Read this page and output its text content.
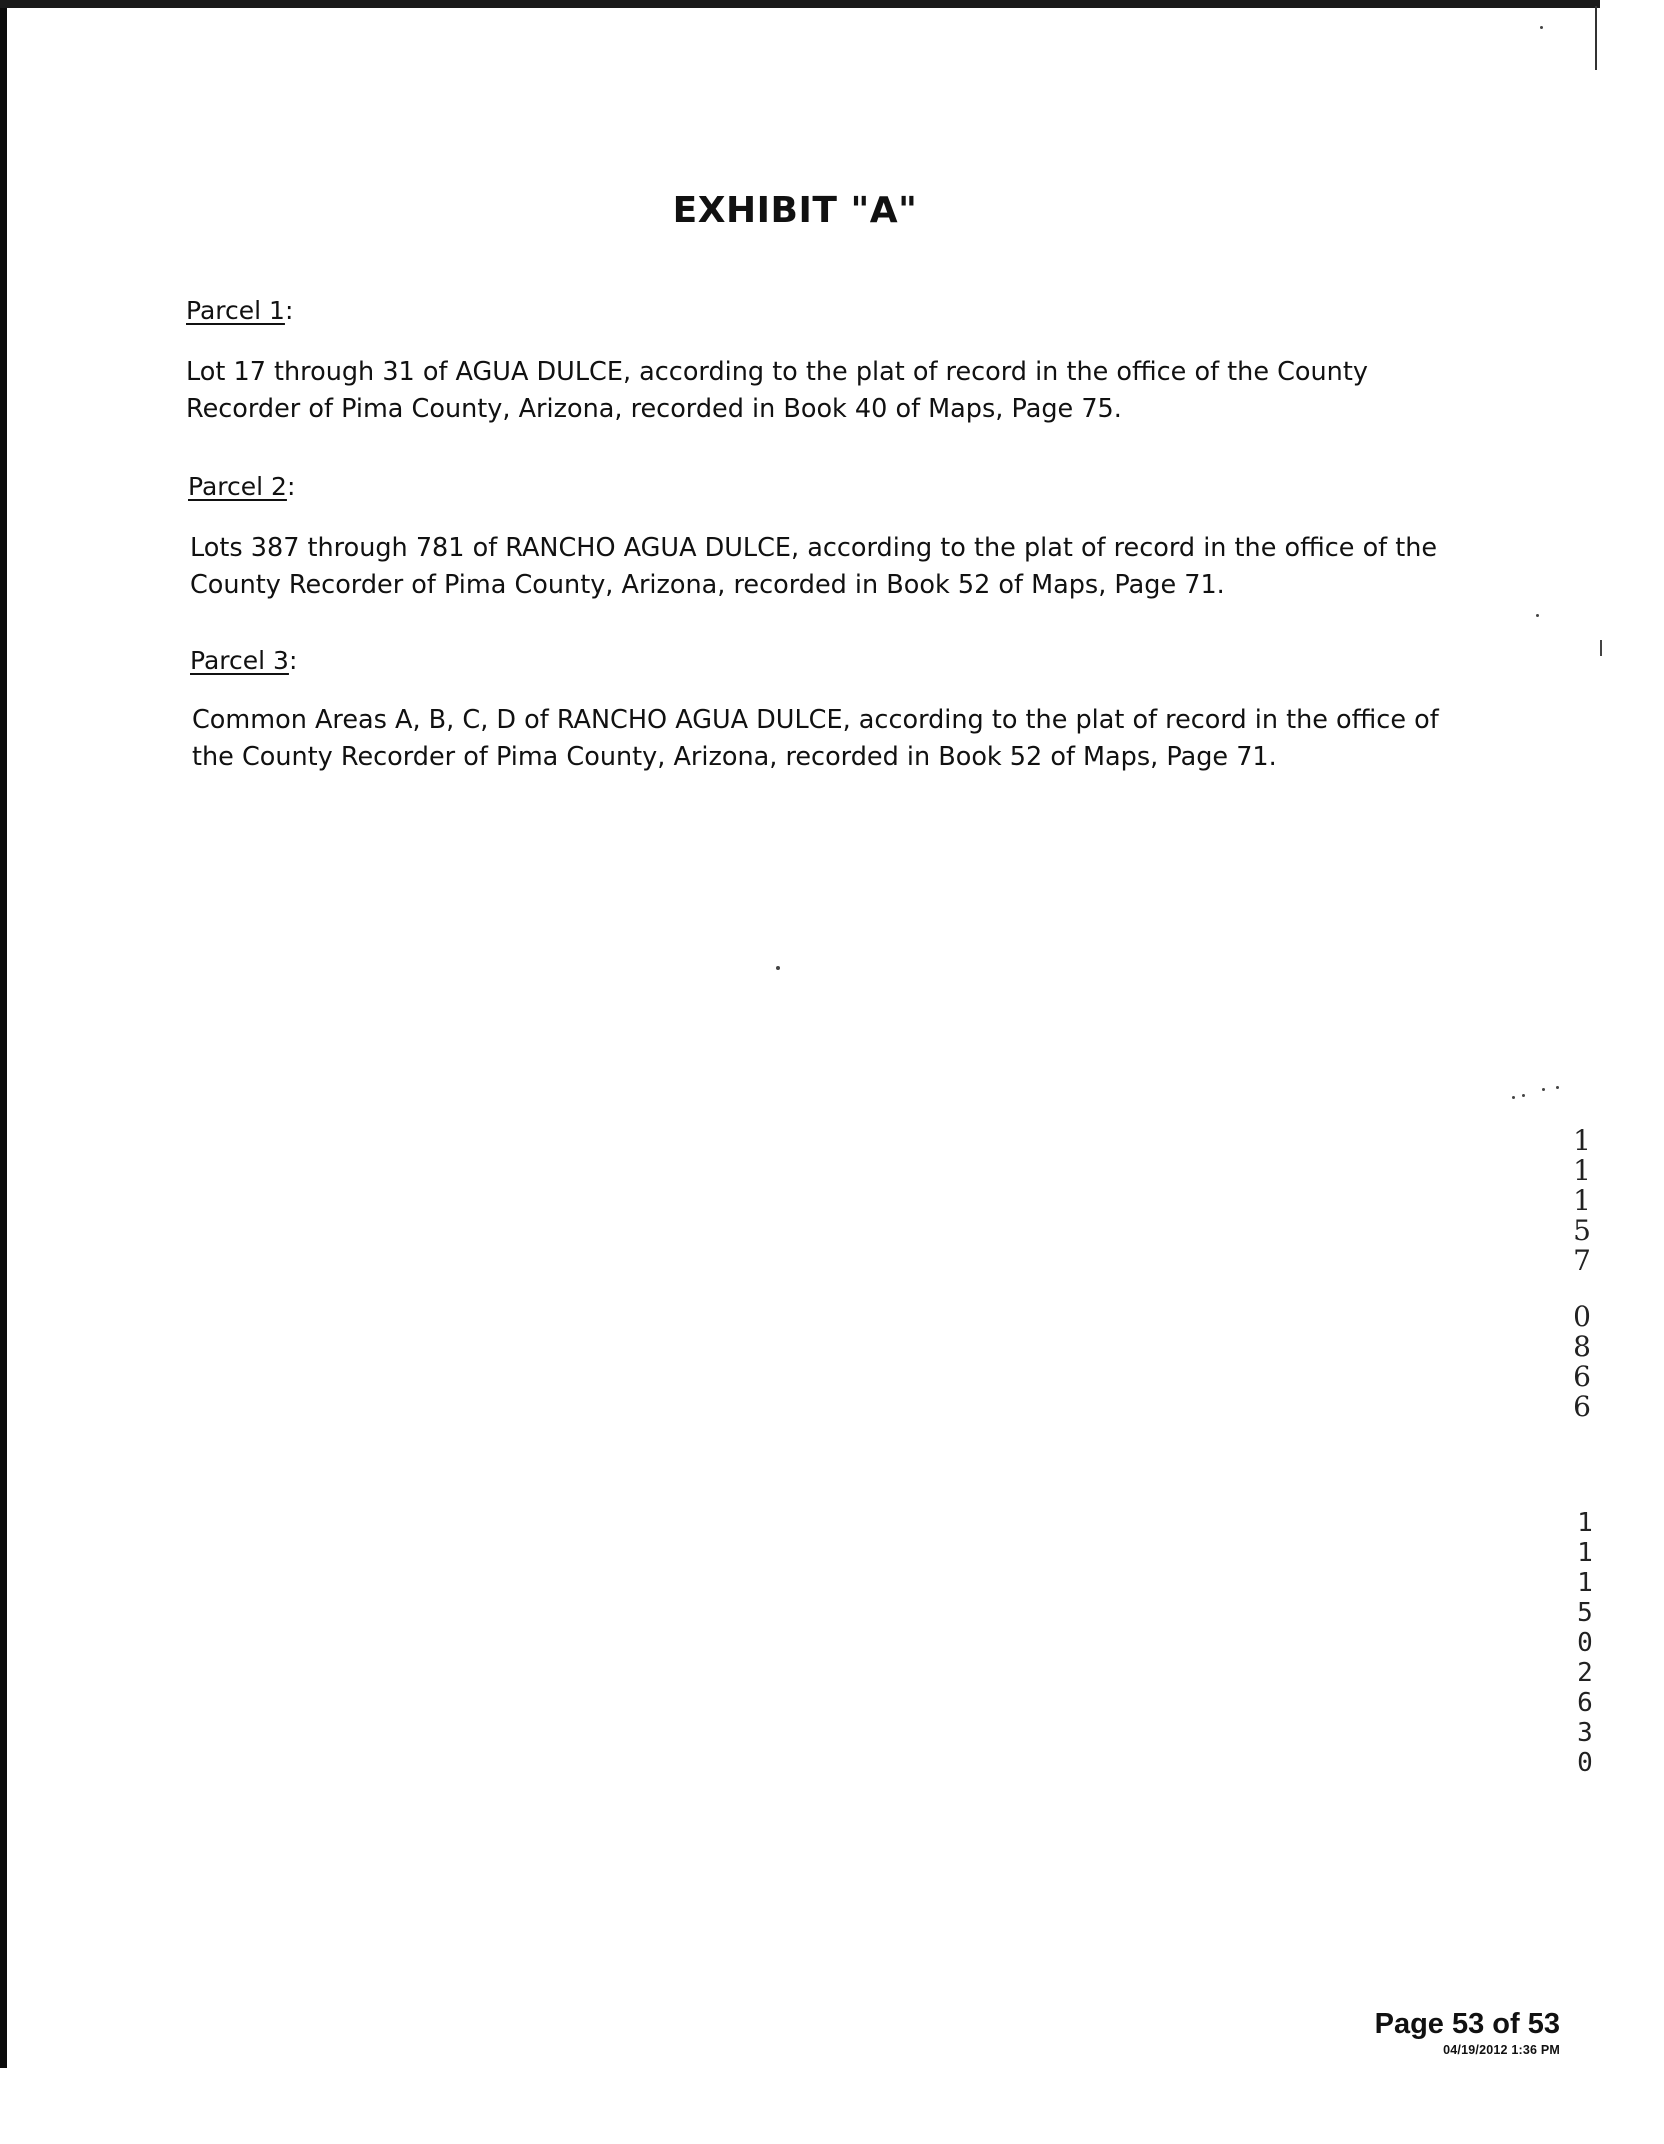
EXHIBIT "A"

Parcel 1:

Lot 17 through 31 of AGUA DULCE, according to the plat of record in the office of the County Recorder of Pima County, Arizona, recorded in Book 40 of Maps, Page 75.

Parcel 2:

Lots 387 through 781 of RANCHO AGUA DULCE, according to the plat of record in the office of the County Recorder of Pima County, Arizona, recorded in Book 52 of Maps, Page 71.

Parcel 3:

Common Areas A, B, C, D of RANCHO AGUA DULCE, according to the plat of record in the office of the County Recorder of Pima County, Arizona, recorded in Book 52 of Maps, Page 71.

1
1
1
5
7
0
8
6
6
1
1
1
5
0
2
6
3
0

Page 53 of 53

04/19/2012 1:36 PM
